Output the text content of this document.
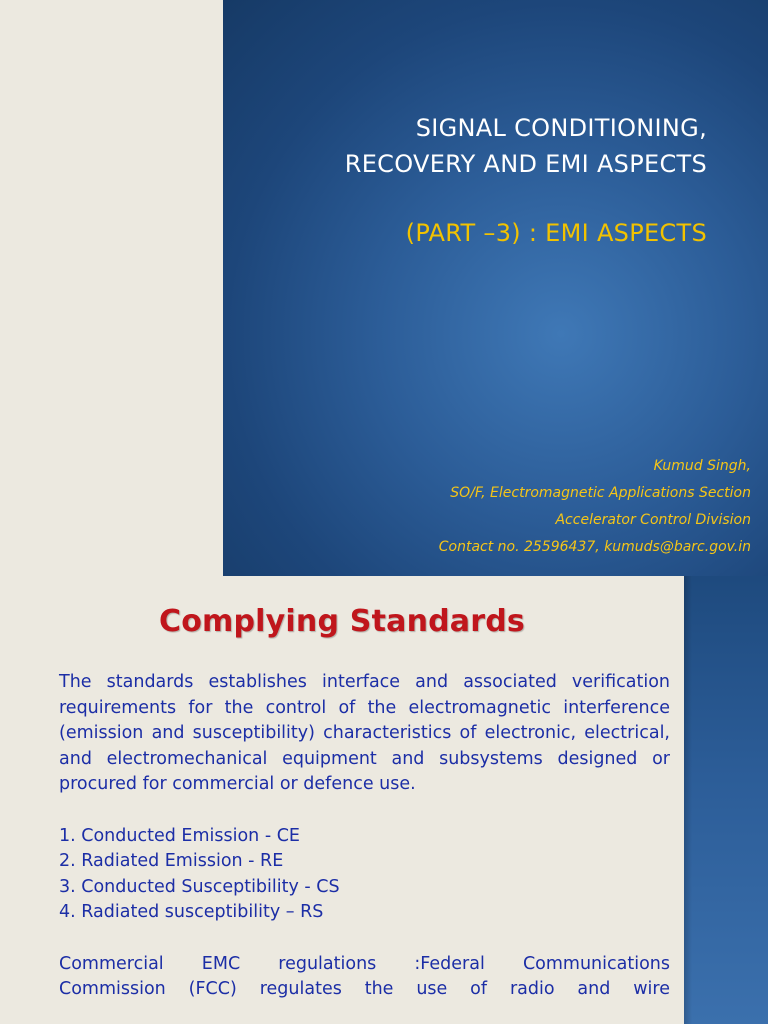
SIGNAL CONDITIONING,
RECOVERY AND EMI ASPECTS
(PART –3) : EMI ASPECTS
Kumud Singh,
SO/F, Electromagnetic Applications Section
Accelerator Control Division
Contact no. 25596437, kumuds@barc.gov.in
Complying Standards

The standards establishes interface and associated verification requirements for the control of the electromagnetic interference (emission and susceptibility) characteristics of electronic, electrical, and electromechanical equipment and subsystems designed or procured for commercial or defence use.

1. Conducted Emission - CE
2. Radiated Emission - RE
3. Conducted Susceptibility - CS
4. Radiated susceptibility – RS
Commercial EMC regulations :Federal Communications
Commission (FCC) regulates the use of radio and wire
